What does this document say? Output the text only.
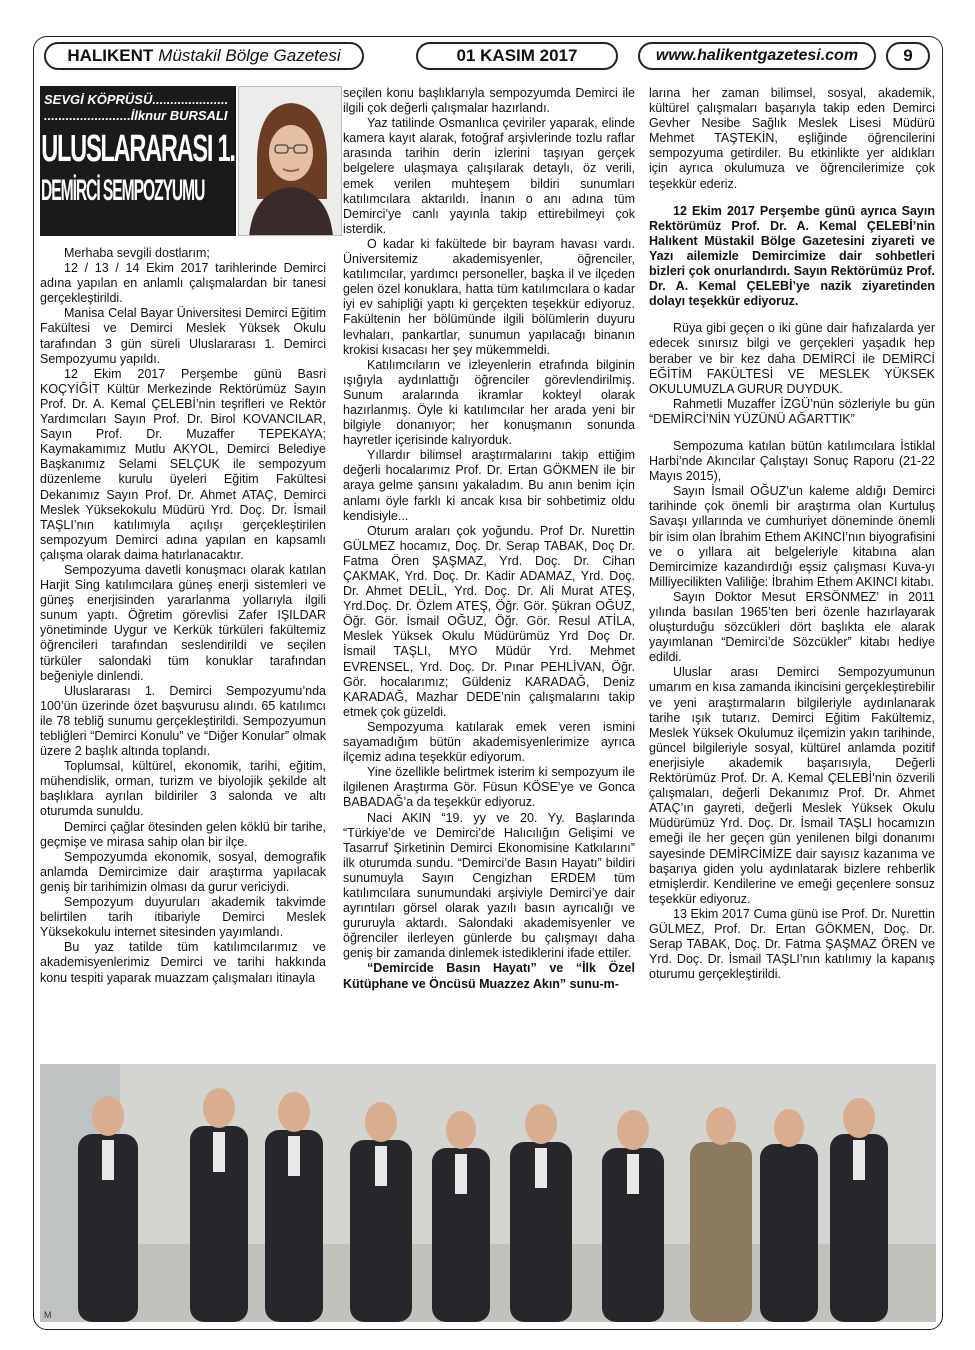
HALIKENT Müstakil Bölge Gazetesi	01 KASIM 2017	www.halikentgazetesi.com	9
SEVGİ KÖPRÜSÜ.....................
........................İlknur BURSALI
ULUSLARARASI 1.
DEMİRCİ SEMPOZYUMU

Merhaba sevgili dostlarım;

12 / 13 / 14 Ekim 2017 tarihlerinde Demirci adına yapılan en anlamlı çalışmalardan bir tanesi gerçekleştirildi.

Manisa Celal Bayar Üniversitesi Demirci Eğitim Fakültesi ve Demirci Meslek Yüksek Okulu tarafından 3 gün süreli Uluslararası 1. Demirci Sempozyumu yapıldı.

12 Ekim 2017 Perşembe günü Basri KOÇYİĞİT Kültür Merkezinde Rektörümüz Sayın Prof. Dr. A. Kemal ÇELEBİ’nin teşrifleri ve Rektör Yardımcıları Sayın Prof. Dr. Birol KOVANCILAR, Sayın Prof. Dr. Muzaffer TEPEKAYA; Kaymakamımız Mutlu AKYOL, Demirci Belediye Başkanımız Selami SELÇUK ile sempozyum düzenleme kurulu üyeleri Eğitim Fakültesi Dekanımız Sayın Prof. Dr. Ahmet ATAÇ, Demirci Meslek Yüksekokulu Müdürü Yrd. Doç. Dr. İsmail TAŞLI’nın katılımıyla açılışı gerçekleştirilen sempozyum Demirci adına yapılan en kapsamlı çalışma olarak daima hatırlanacaktır.

Sempozyuma davetli konuşmacı olarak katılan Harjit Sing katılımcılara güneş enerji sistemleri ve güneş enerjisinden yararlanma yollarıyla ilgili sunum yaptı. Öğretim görevlisi Zafer IŞILDAR yönetiminde Uygur ve Kerkük türküleri fakültemiz öğrencileri tarafından seslendirildi ve seçilen türküler salondaki tüm konuklar tarafından beğeniyle dinlendi.

Uluslararası 1. Demirci Sempozyumu’nda 100’ün üzerinde özet başvurusu alındı. 65 katılımcı ile 78 tebliğ sunumu gerçekleştirildi. Sempozyumun tebliğleri “Demirci Konulu” ve “Diğer Konular” olmak üzere 2 başlık altında toplandı.

Toplumsal, kültürel, ekonomik, tarihi, eğitim, mühendislik, orman, turizm ve biyolojik şekilde alt başlıklara ayrılan bildiriler 3 salonda ve altı oturumda sunuldu.

Demirci çağlar ötesinden gelen köklü bir tarihe, geçmişe ve mirasa sahip olan bir ilçe.

Sempozyumda ekonomik, sosyal, demografik anlamda Demircimize dair araştırma yapılacak geniş bir tarihimizin olması da gurur vericiydi.

Sempozyum duyuruları akademik takvimde belirtilen tarih itibariyle Demirci Meslek Yüksekokulu internet sitesinden yayımlandı.

Bu yaz tatilde tüm katılımcılarımız ve akademisyenlerimiz Demirci ve tarihi hakkında konu tespiti yaparak muazzam çalışmaları itinayla

seçilen konu başlıklarıyla sempozyumda Demirci ile ilgili çok değerli çalışmalar hazırlandı.

Yaz tatilinde Osmanlıca çeviriler yaparak, elinde kamera kayıt alarak, fotoğraf arşivlerinde tozlu raflar arasında tarihin derin izlerini taşıyan gerçek belgelere ulaşmaya çalışılarak detaylı, öz verili, emek verilen muhteşem bildiri sunumları katılımcılara aktarıldı. İnanın o anı adına tüm Demirci’ye canlı yayınla takip ettirebilmeyi çok isterdik.

O kadar ki fakültede bir bayram havası vardı. Üniversitemiz akademisyenler, öğrenciler, katılımcılar, yardımcı personeller, başka il ve ilçeden gelen özel konuklara, hatta tüm katılımcılara o kadar iyi ev sahipliği yaptı ki gerçekten teşekkür ediyoruz. Fakültenin her bölümünde ilgili bölümlerin duyuru levhaları, pankartlar, sunumun yapılacağı binanın krokisi kısacası her şey mükemmeldi.

Katılımcıların ve izleyenlerin etrafında bilginin ışığıyla aydınlattığı öğrenciler görevlendirilmiş. Sunum aralarında ikramlar kokteyl olarak hazırlanmış. Öyle ki katılımcılar her arada yeni bir bilgiyle donanıyor; her konuşmanın sonunda hayretler içerisinde kalıyorduk.

Yıllardır bilimsel araştırmalarını takip ettiğim değerli hocalarımız Prof. Dr. Ertan GÖKMEN ile bir araya gelme şansını yakaladım. Bu anın benim için anlamı öyle farklı ki ancak kısa bir sohbetimiz oldu kendisiyle...

Oturum araları çok yoğundu. Prof Dr. Nurettin GÜLMEZ hocamız, Doç. Dr. Serap TABAK, Doç Dr. Fatma Ören ŞAŞMAZ, Yrd. Doç. Dr. Cihan ÇAKMAK, Yrd. Doç. Dr. Kadir ADAMAZ, Yrd. Doç. Dr. Ahmet DELİL, Yrd. Doç. Dr. Ali Murat ATEŞ, Yrd.Doç. Dr. Özlem ATEŞ, Öğr. Gör. Şükran OĞUZ, Öğr. Gör. İsmail OĞUZ, Öğr. Gör. Resul ATİLA, Meslek Yüksek Okulu Müdürümüz Yrd Doç Dr. İsmail TAŞLI, MYO Müdür Yrd. Mehmet EVRENSEL, Yrd. Doç. Dr. Pınar PEHLİVAN, Öğr. Gör. hocalarımız; Güldeniz KARADAĞ, Deniz KARADAĞ, Mazhar DEDE’nin çalışmalarını takip etmek çok güzeldi.

Sempozyuma katılarak emek veren ismini sayamadığım bütün akademisyenlerimize ayrıca ilçemiz adına teşekkür ediyorum.

Yine özellikle belirtmek isterim ki sempozyum ile ilgilenen Araştırma Gör. Füsun KÖSE’ye ve Gonca BABADAĞ’a da teşekkür ediyoruz.

Naci AKIN “19. yy ve 20. Yy. Başlarında “Türkiye’de ve Demirci’de Halıcılığın Gelişimi ve Tasarruf Şirketinin Demirci Ekonomisine Katkılarını” ilk oturumda sundu. “Demirci’de Basın Hayatı” bildiri sunumuyla Sayın Cengizhan ERDEM tüm katılımcılara sunumundaki arşiviyle Demirci’ye dair ayrıntıları görsel olarak yazılı basın ayrıcalığı ve gururuyla aktardı. Salondaki akademisyenler ve öğrenciler ilerleyen günlerde bu çalışmayı daha geniş bir zamanda dinlemek istediklerini ifade ettiler.

“Demircide Basın Hayatı” ve “İlk Özel Kütüphane ve Öncüsü Muazzez Akın” sunu-m-

larına her zaman bilimsel, sosyal, akademik, kültürel çalışmaları başarıyla takip eden Demirci Gevher Nesibe Sağlık Meslek Lisesi Müdürü Mehmet TAŞTEKİN, eşliğinde öğrencilerini sempozyuma getirdiler. Bu etkinlikte yer aldıkları için ayrıca okulumuza ve öğrencilerimize çok teşekkür ederiz.

12 Ekim 2017 Perşembe günü ayrıca Sayın Rektörümüz Prof. Dr. A. Kemal ÇELEBİ’nin Halıkent Müstakil Bölge Gazetesini ziyareti ve Yazı ailemizle Demircimize dair sohbetleri bizleri çok onurlandırdı. Sayın Rektörümüz Prof. Dr. A. Kemal ÇELEBİ’ye nazik ziyaretinden dolayı teşekkür ediyoruz.

Rüya gibi geçen o iki güne dair hafızalarda yer edecek sınırsız bilgi ve gerçekleri yaşadık hep beraber ve bir kez daha DEMİRCİ ile DEMİRCİ EĞİTİM FAKÜLTESİ VE MESLEK YÜKSEK OKULUMUZLA GURUR DUYDUK.

Rahmetli Muzaffer İZGÜ’nün sözleriyle bu gün “DEMİRCİ’NİN YÜZÜNÜ AĞARTTIK”

Sempozuma katılan bütün katılımcılara İstiklal Harbi’nde Akıncılar Çalıştayı Sonuç Raporu (21-22 Mayıs 2015),

Sayın İsmail OĞUZ’un kaleme aldığı Demirci tarihinde çok önemli bir araştırma olan Kurtuluş Savaşı yıllarında ve cumhuriyet döneminde önemli bir isim olan İbrahim Ethem AKINCI’nın biyografisini ve o yıllara ait belgeleriyle kitabına alan Demircimize kazandırdığı eşsiz çalışması Kuva-yı Milliyecilikten Valiliğe: İbrahim Ethem AKINCI kitabı.

Sayın Doktor Mesut ERSÖNMEZ’ in 2011 yılında basılan 1965’ten beri özenle hazırlayarak oluşturduğu sözcükleri dört başlıkta ele alarak yayımlanan “Demirci’de Sözcükler” kitabı hediye edildi.

Uluslar arası Demirci Sempozyumunun umarım en kısa zamanda ikincisini gerçekleştirebilir ve yeni araştırmaların bilgileriyle aydınlanarak tarihe ışık tutarız. Demirci Eğitim Fakültemiz, Meslek Yüksek Okulumuz ilçemizin yakın tarihinde, güncel bilgileriyle sosyal, kültürel anlamda pozitif enerjisiyle akademik başarısıyla, Değerli Rektörümüz Prof. Dr. A. Kemal ÇELEBİ’nin özverili çalışmaları, değerli Dekanımız Prof. Dr. Ahmet ATAÇ’ın gayreti, değerli Meslek Yüksek Okulu Müdürümüz Yrd. Doç. Dr. İsmail TAŞLI hocamızın emeği ile her geçen gün yenilenen bilgi donanımı sayesinde DEMİRCİMİZE dair sayısız kazanıma ve başarıya giden yolu aydınlatarak bizlere rehberlik etmişlerdir. Kendilerine ve emeği geçenlere sonsuz teşekkür ediyoruz.

13 Ekim 2017 Cuma günü ise Prof. Dr. Nurettin GÜLMEZ, Prof. Dr. Ertan GÖKMEN, Doç. Dr. Serap TABAK, Doç. Dr. Fatma ŞAŞMAZ ÖREN ve Yrd. Doç. Dr. İsmail TAŞLI’nın katılımıy la kapanış oturumu gerçekleştirildi.

M
